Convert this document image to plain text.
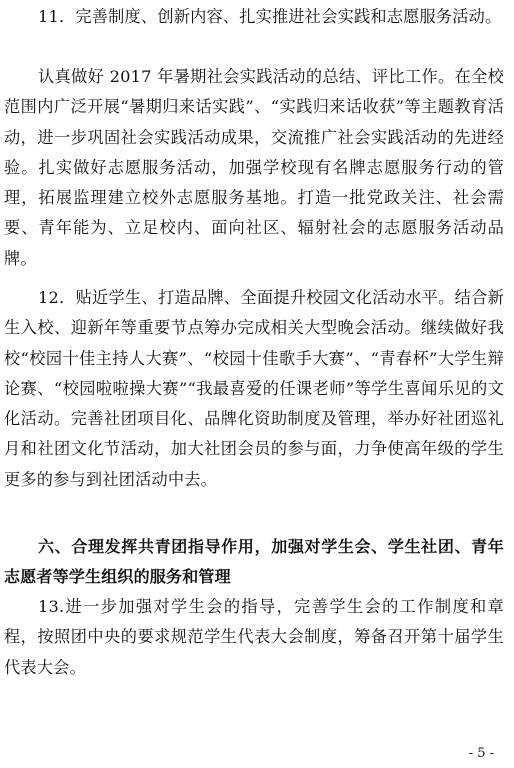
11．完善制度、创新内容、扎实推进社会实践和志愿服务活动。

认真做好 2017 年暑期社会实践活动的总结、评比工作。在全校范围内广泛开展“暑期归来话实践”、“实践归来话收获”等主题教育活动，进一步巩固社会实践活动成果，交流推广社会实践活动的先进经验。扎实做好志愿服务活动，加强学校现有名牌志愿服务行动的管理，拓展监理建立校外志愿服务基地。打造一批党政关注、社会需要、青年能为、立足校内、面向社区、辐射社会的志愿服务活动品牌。

12．贴近学生、打造品牌、全面提升校园文化活动水平。结合新生入校、迎新年等重要节点筹办完成相关大型晚会活动。继续做好我校“校园十佳主持人大赛”、“校园十佳歌手大赛”、“青春杯”大学生辩论赛、“校园啦啦操大赛”“我最喜爱的任课老师”等学生喜闻乐见的文化活动。完善社团项目化、品牌化资助制度及管理，举办好社团巡礼月和社团文化节活动，加大社团会员的参与面，力争使高年级的学生更多的参与到社团活动中去。

六、合理发挥共青团指导作用，加强对学生会、学生社团、青年志愿者等学生组织的服务和管理

13.进一步加强对学生会的指导，完善学生会的工作制度和章程，按照团中央的要求规范学生代表大会制度，筹备召开第十届学生代表大会。

- 5 -
